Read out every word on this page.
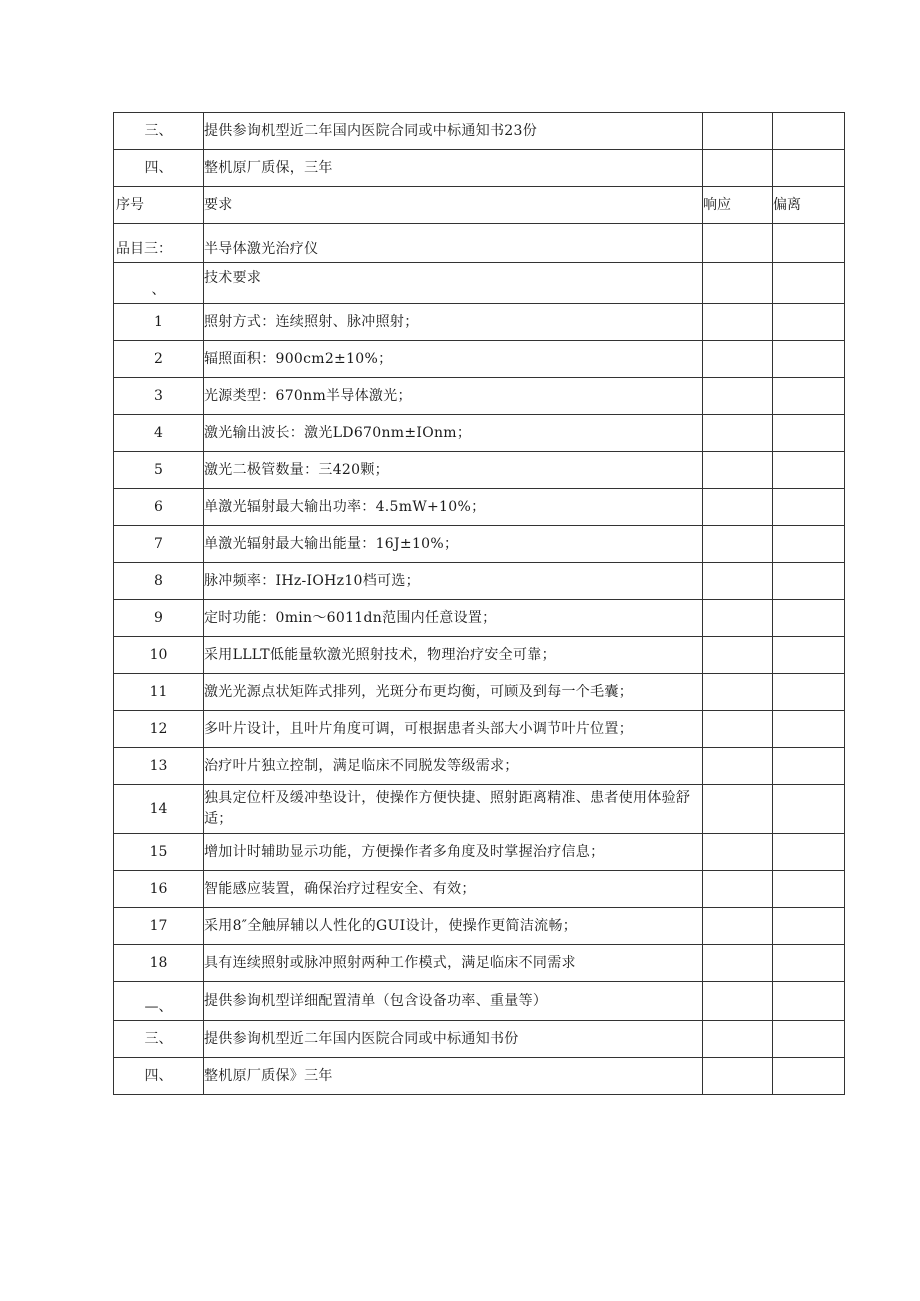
三、	提供参询机型近二年国内医院合同或中标通知书23份		
四、	整机原厂质保，三年		
序号	要求	响应	偏离
品目三：	半导体激光治疗仪		
、	技术要求		
1	照射方式：连续照射、脉冲照射；		
2	辐照面积：900cm2±10%；		
3	光源类型：670nm半导体激光；		
4	激光输出波长：激光LD670nm±IOnm；		
5	激光二极管数量：三420颗；		
6	单激光辐射最大输出功率：4.5mW+10%；		
7	单激光辐射最大输出能量：16J±10%；		
8	脉冲频率：IHz-IOHz10档可选；		
9	定时功能：0min～6011dn范围内任意设置；		
10	采用LLLT低能量软激光照射技术，物理治疗安全可靠；		
11	激光光源点状矩阵式排列，光斑分布更均衡，可顾及到每一个毛囊；		
12	多叶片设计，且叶片角度可调，可根据患者头部大小调节叶片位置；		
13	治疗叶片独立控制，满足临床不同脱发等级需求；		
14	独具定位杆及缓冲垫设计，使操作方便快捷、照射距离精准、患者使用体验舒适；		
15	增加计时辅助显示功能，方便操作者多角度及时掌握治疗信息；		
16	智能感应装置，确保治疗过程安全、有效；		
17	采用8″全触屏辅以人性化的GUI设计，使操作更简洁流畅；		
18	具有连续照射或脉冲照射两种工作模式，满足临床不同需求		
—、	提供参询机型详细配置清单（包含设备功率、重量等）		
三、	提供参询机型近二年国内医院合同或中标通知书份		
四、	整机原厂质保》三年		
